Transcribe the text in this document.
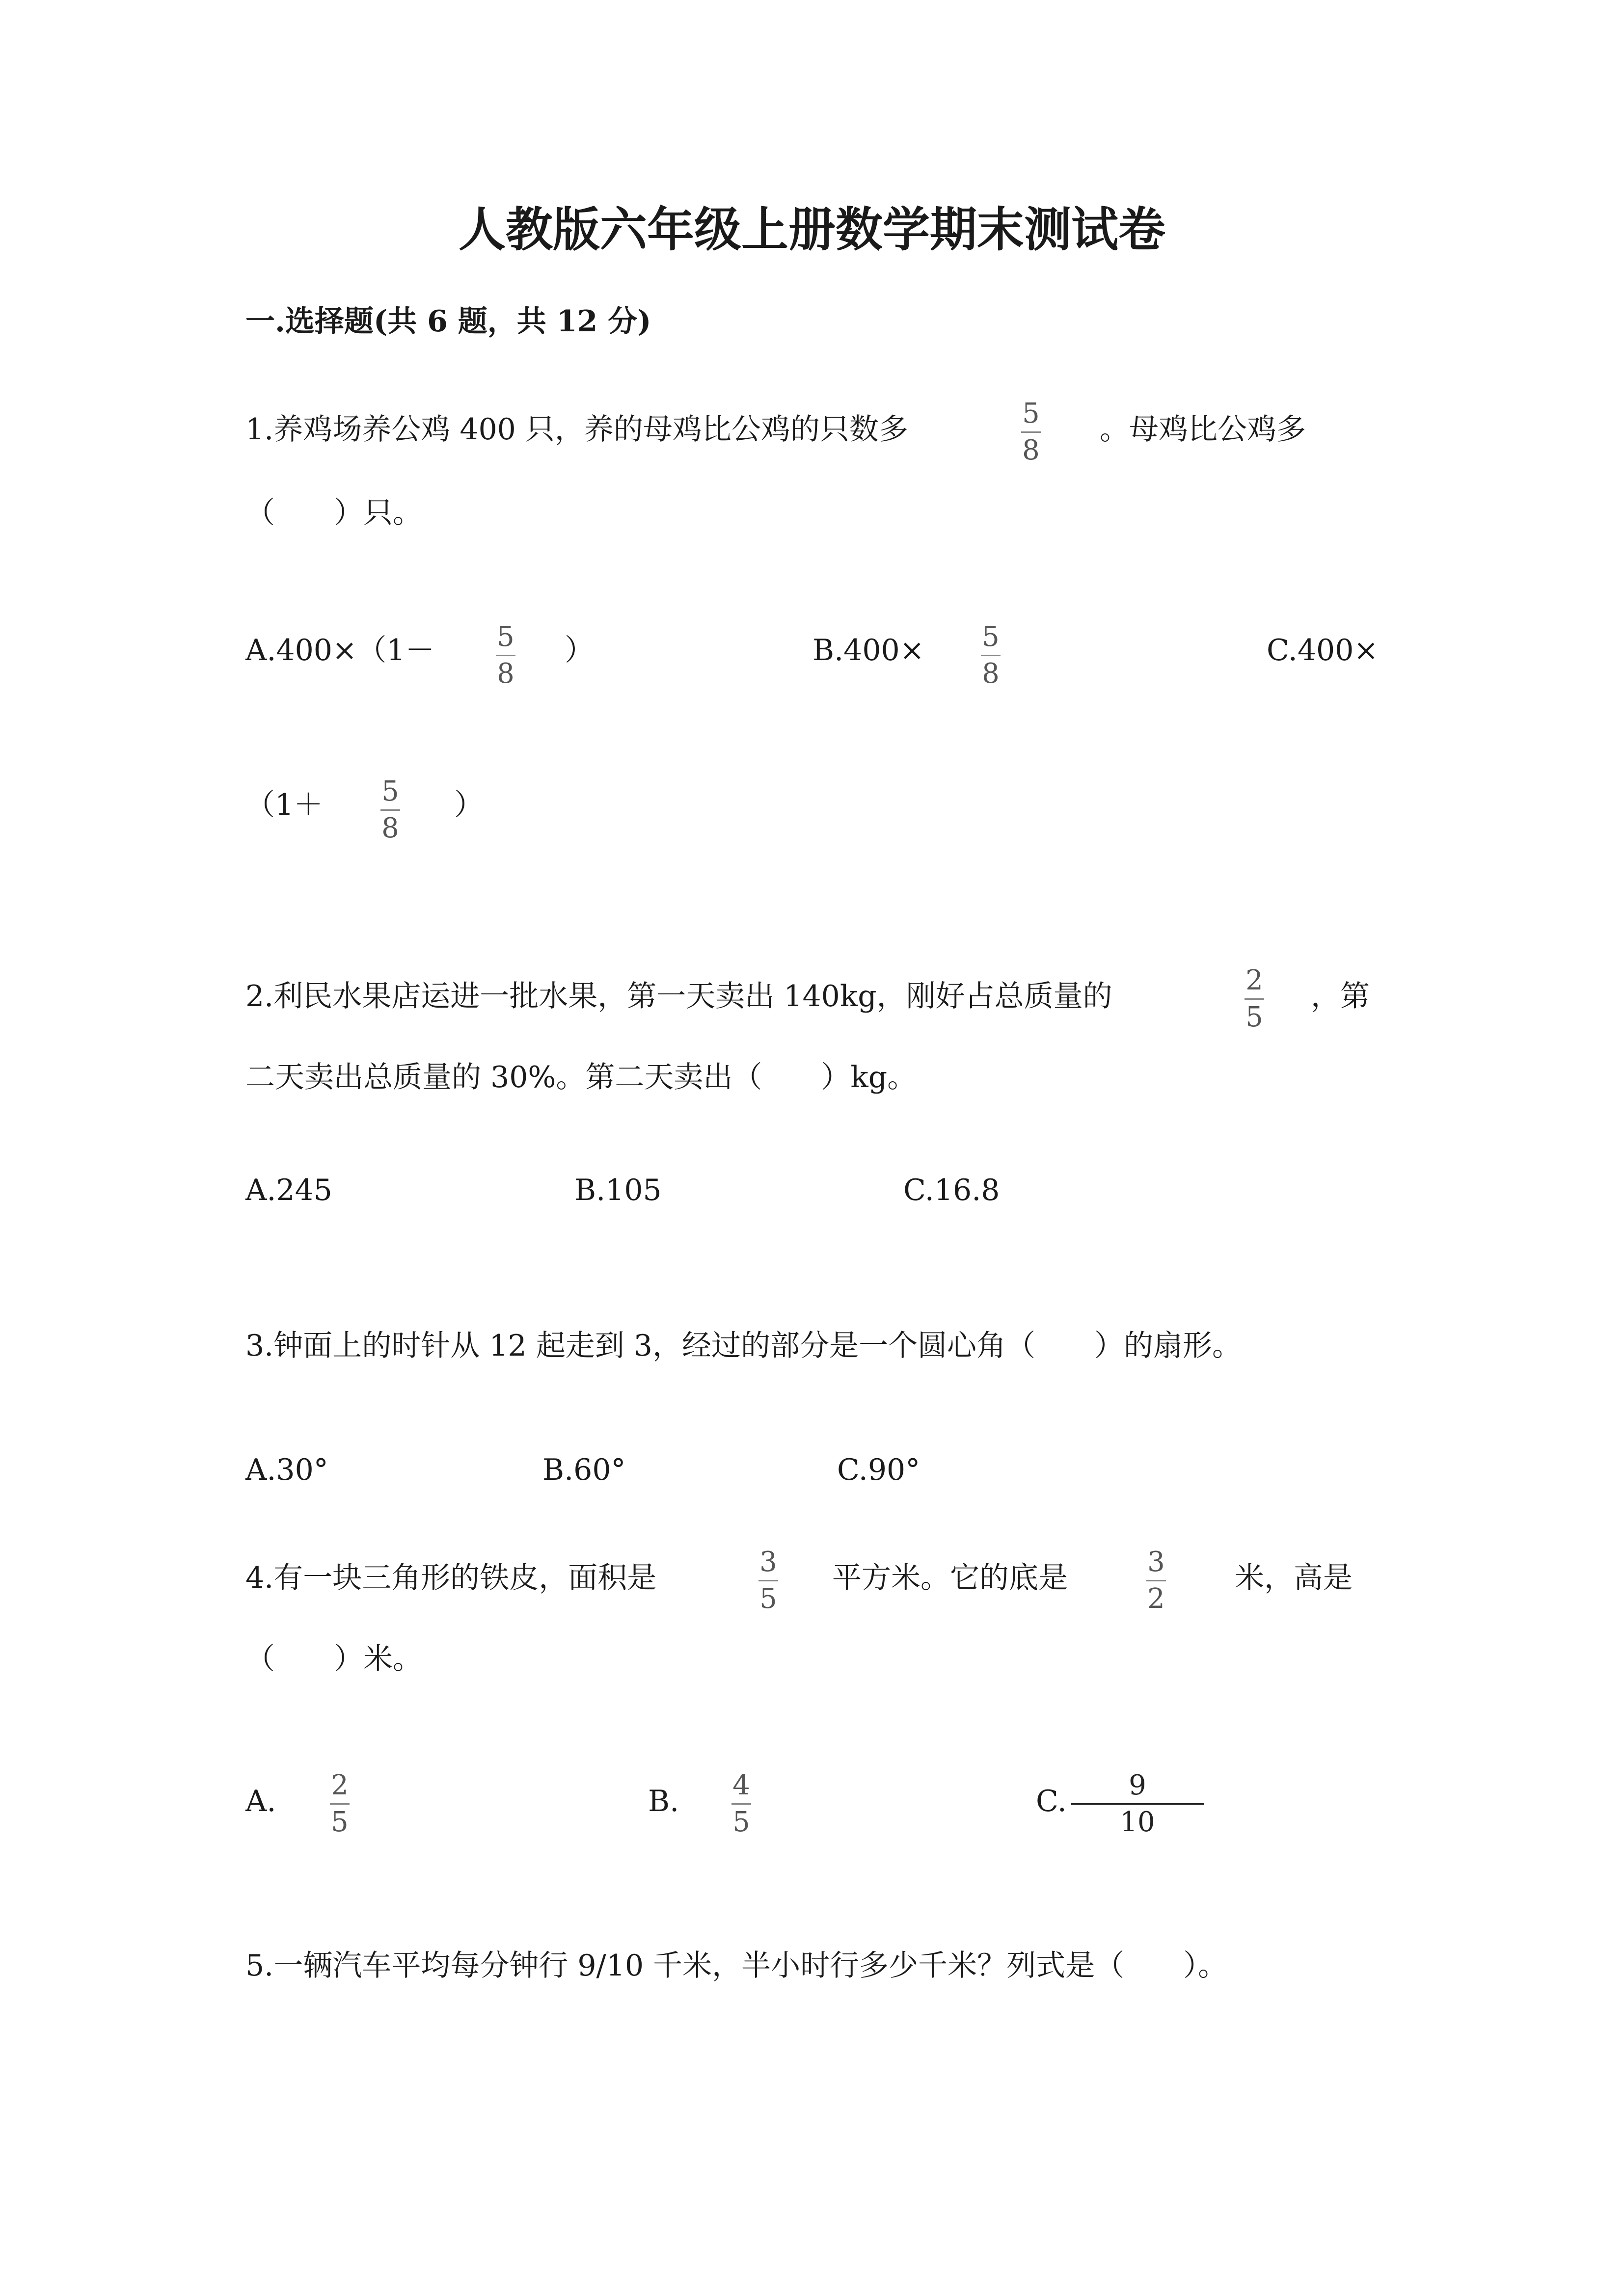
人教版六年级上册数学期末测试卷
一.选择题(共 6 题，共 12 分)
1.养鸡场养公鸡 400 只，养的母鸡比公鸡的只数多	5
8
。母鸡比公鸡多
（　　）只。
A.400×（1－ 5
8
）	B.400× 5
8
C.400×
（1＋ 5
8
）
2.利民水果店运进一批水果，第一天卖出 140kg，刚好占总质量的	2
5
，第
二天卖出总质量的 30%。第二天卖出（　　）kg。
A.245	B.105	C.16.8
3.钟面上的时针从 12 起走到 3，经过的部分是一个圆心角（　　）的扇形。
A.30°	B.60°	C.90°
4.有一块三角形的铁皮，面积是	3
5
平方米。它的底是	3
2
米，高是
（　　）米。
A. 2
5
B. 4
5
C. 9
10
5.一辆汽车平均每分钟行 9/10 千米，半小时行多少千米？列式是（　　）。
